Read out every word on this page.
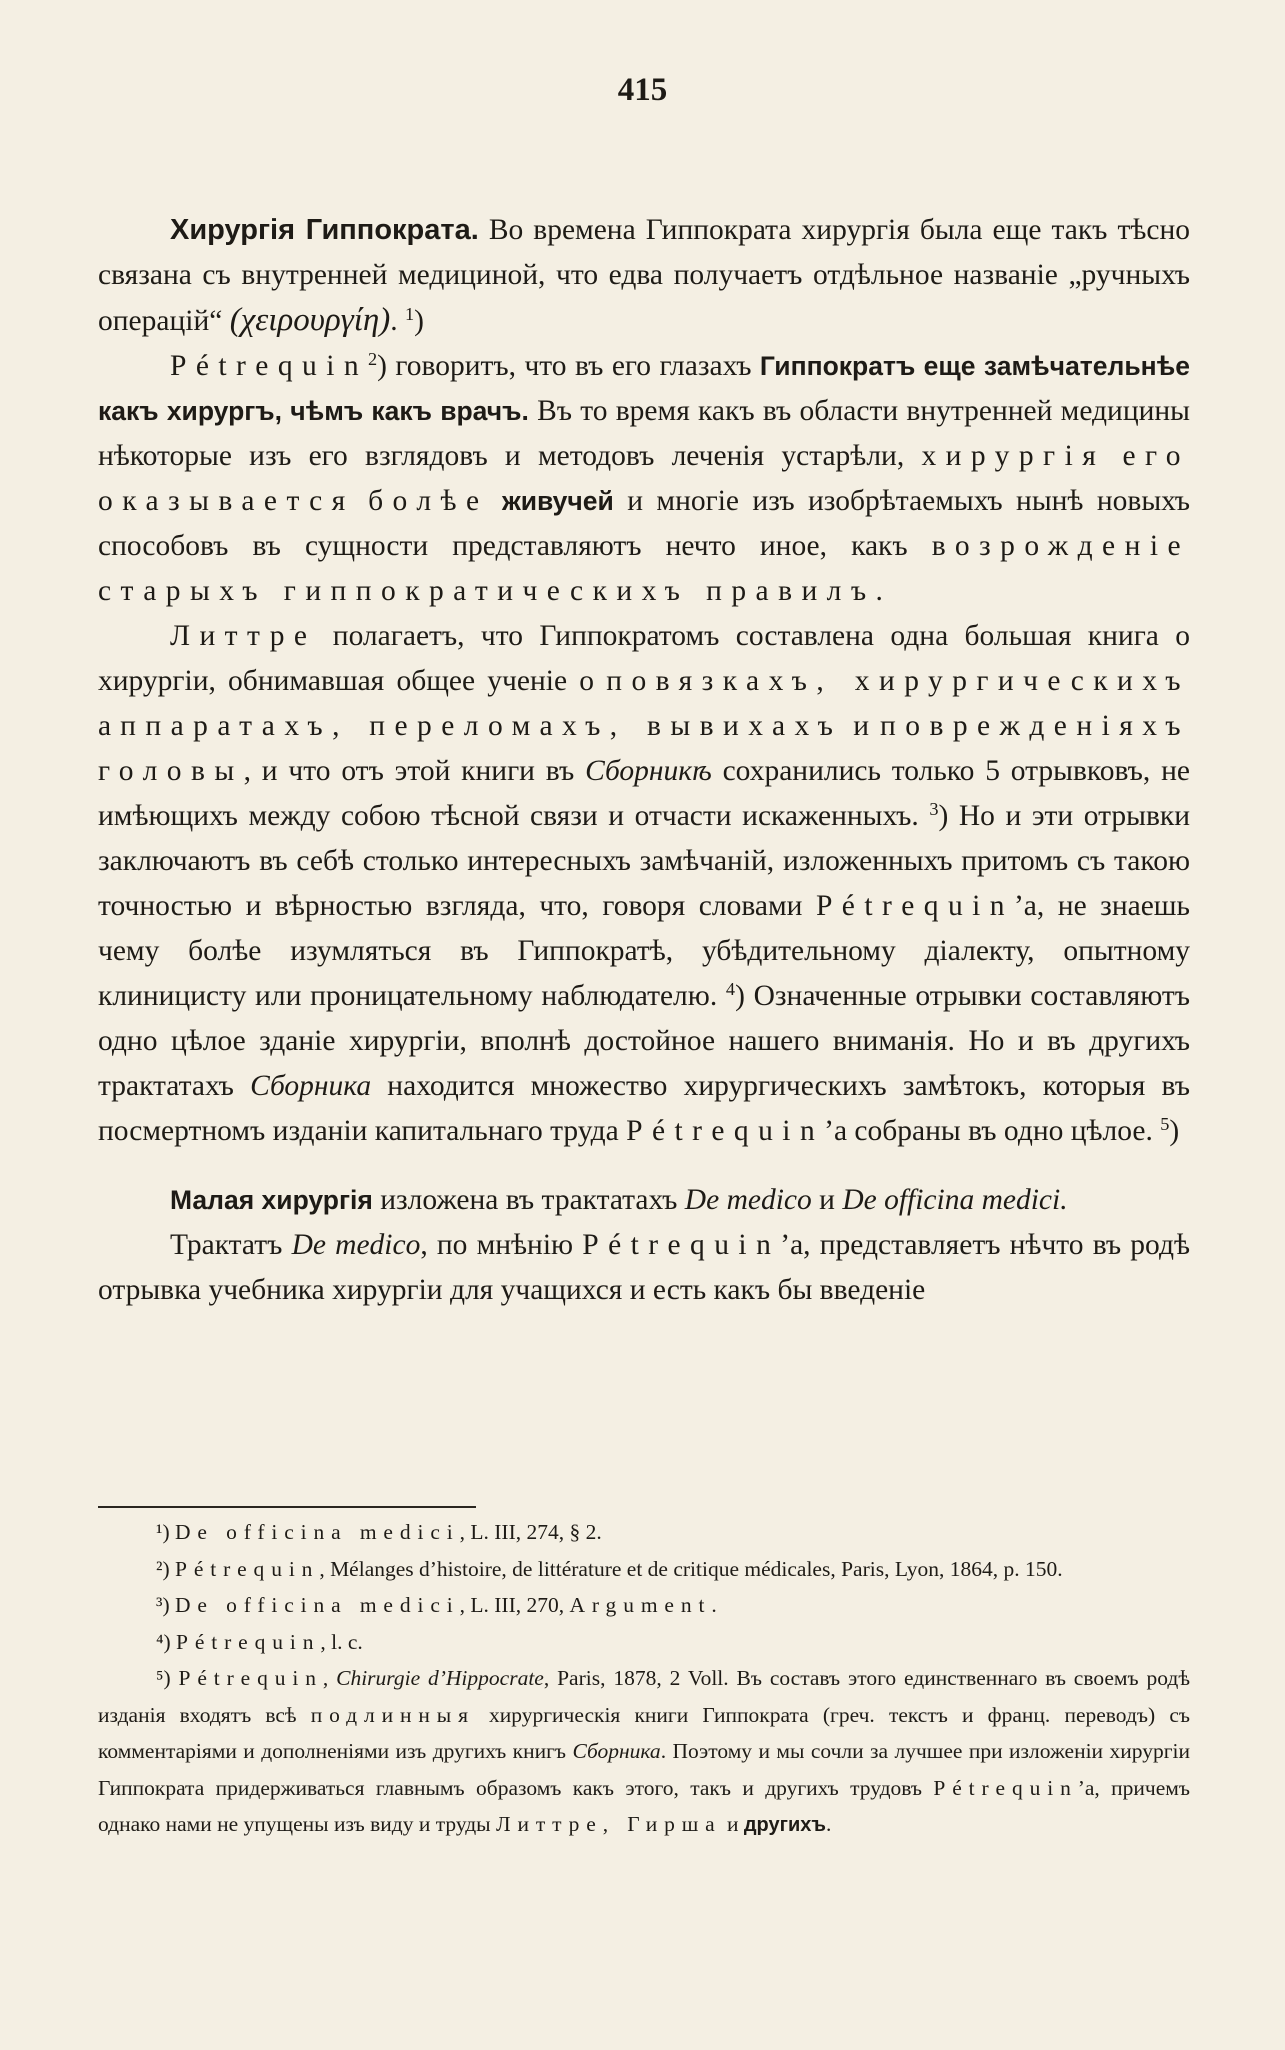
415

Хирургія Гиппократа. Во времена Гиппократа хирургія была еще такъ тѣсно связана съ внутренней медициной, что едва получаетъ отдѣльное названіе „ручныхъ операцій“ (χειρουργίη). $^1$)

Pétrequin$^2$) говоритъ, что въ его глазахъ Гиппократъ еще замѣчательнѣе какъ хирургъ, чѣмъ какъ врачъ. Въ то время какъ въ области внутренней медицины нѣкоторые изъ его взглядовъ и методовъ леченія устарѣли, хирургія его оказывается болѣе живучей и многіе изъ изобрѣтаемыхъ нынѣ новыхъ способовъ въ сущности представляютъ нечто иное, какъ возрожденіе старыхъ гиппократическихъ правилъ.

Литтре полагаетъ, что Гиппократомъ составлена одна большая книга о хирургіи, обнимавшая общее ученіе о повязкахъ, хирургическихъ аппаратахъ, переломахъ, вывихахъ и поврежденіяхъ головы, и что отъ этой книги въ Сборникѣ сохранились только 5 отрывковъ, не имѣющихъ между собою тѣсной связи и отчасти искаженныхъ. $^3$) Но и эти отрывки заключаютъ въ себѣ столько интересныхъ замѣчаній, изложенныхъ притомъ съ такою точностью и вѣрностью взгляда, что, говоря словами Pétrequin’a, не знаешь чему болѣе изумляться въ Гиппократѣ, убѣдительному діалекту, опытному клиницисту или проницательному наблюдателю. $^4$) Означенные отрывки составляютъ одно цѣлое зданіе хирургіи, вполнѣ достойное нашего вниманія. Но и въ другихъ трактатахъ Сборника находится множество хирургическихъ замѣтокъ, которыя въ посмертномъ изданіи капитальнаго труда Pétrequin’a собраны въ одно цѣлое. $^5$)

Малая хирургія изложена въ трактатахъ De medico и De officina medici.

Трактатъ De medico, по мнѣнію Pétrequin’a, представляетъ нѣчто въ родѣ отрывка учебника хирургіи для учащихся и есть какъ бы введеніе

¹) De officina medici, L. III, 274, § 2.

²) Pétrequin, Mélanges d’histoire, de littérature et de critique médicales, Paris, Lyon, 1864, p. 150.

³) De officina medici, L. III, 270, Argument.

⁴) Pétrequin, l. c.

⁵) Pétrequin, Chirurgie d’Hippocrate, Paris, 1878, 2 Voll. Въ составъ этого единственнаго въ своемъ родѣ изданія входятъ всѣ подлинныя хирургическія книги Гиппократа (греч. текстъ и франц. переводъ) съ комментаріями и дополненіями изъ другихъ книгъ Сборника. Поэтому и мы сочли за лучшее при изложеніи хирургіи Гиппократа придерживаться главнымъ образомъ какъ этого, такъ и другихъ трудовъ Pétrequin’a, причемъ однако нами не упущены изъ виду и труды Литтре, Гирша и другихъ.
